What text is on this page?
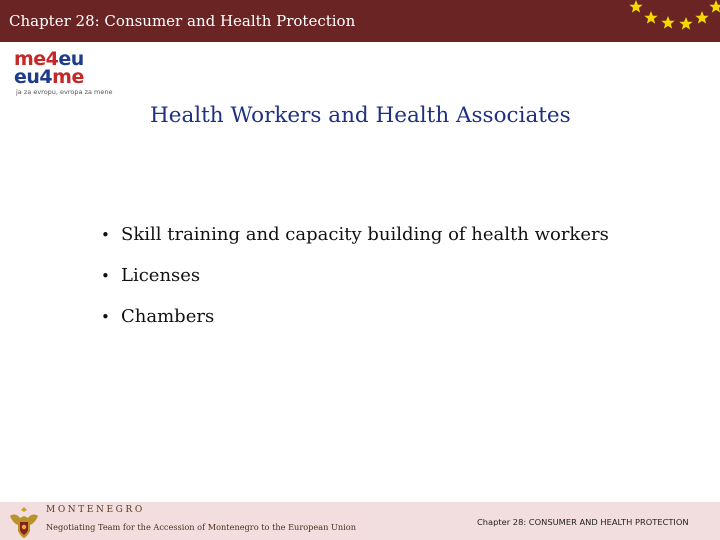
Chapter 28: Consumer and Health Protection
me4eu
eu4me
ja za evropu, evropa za mene
Health Workers and Health Associates
• Skill training and capacity building of health workers
• Licenses
• Chambers
MONTENEGRO
Negotiating Team for the Accession of Montenegro to the European Union	Chapter 28: CONSUMER AND HEALTH PROTECTION
